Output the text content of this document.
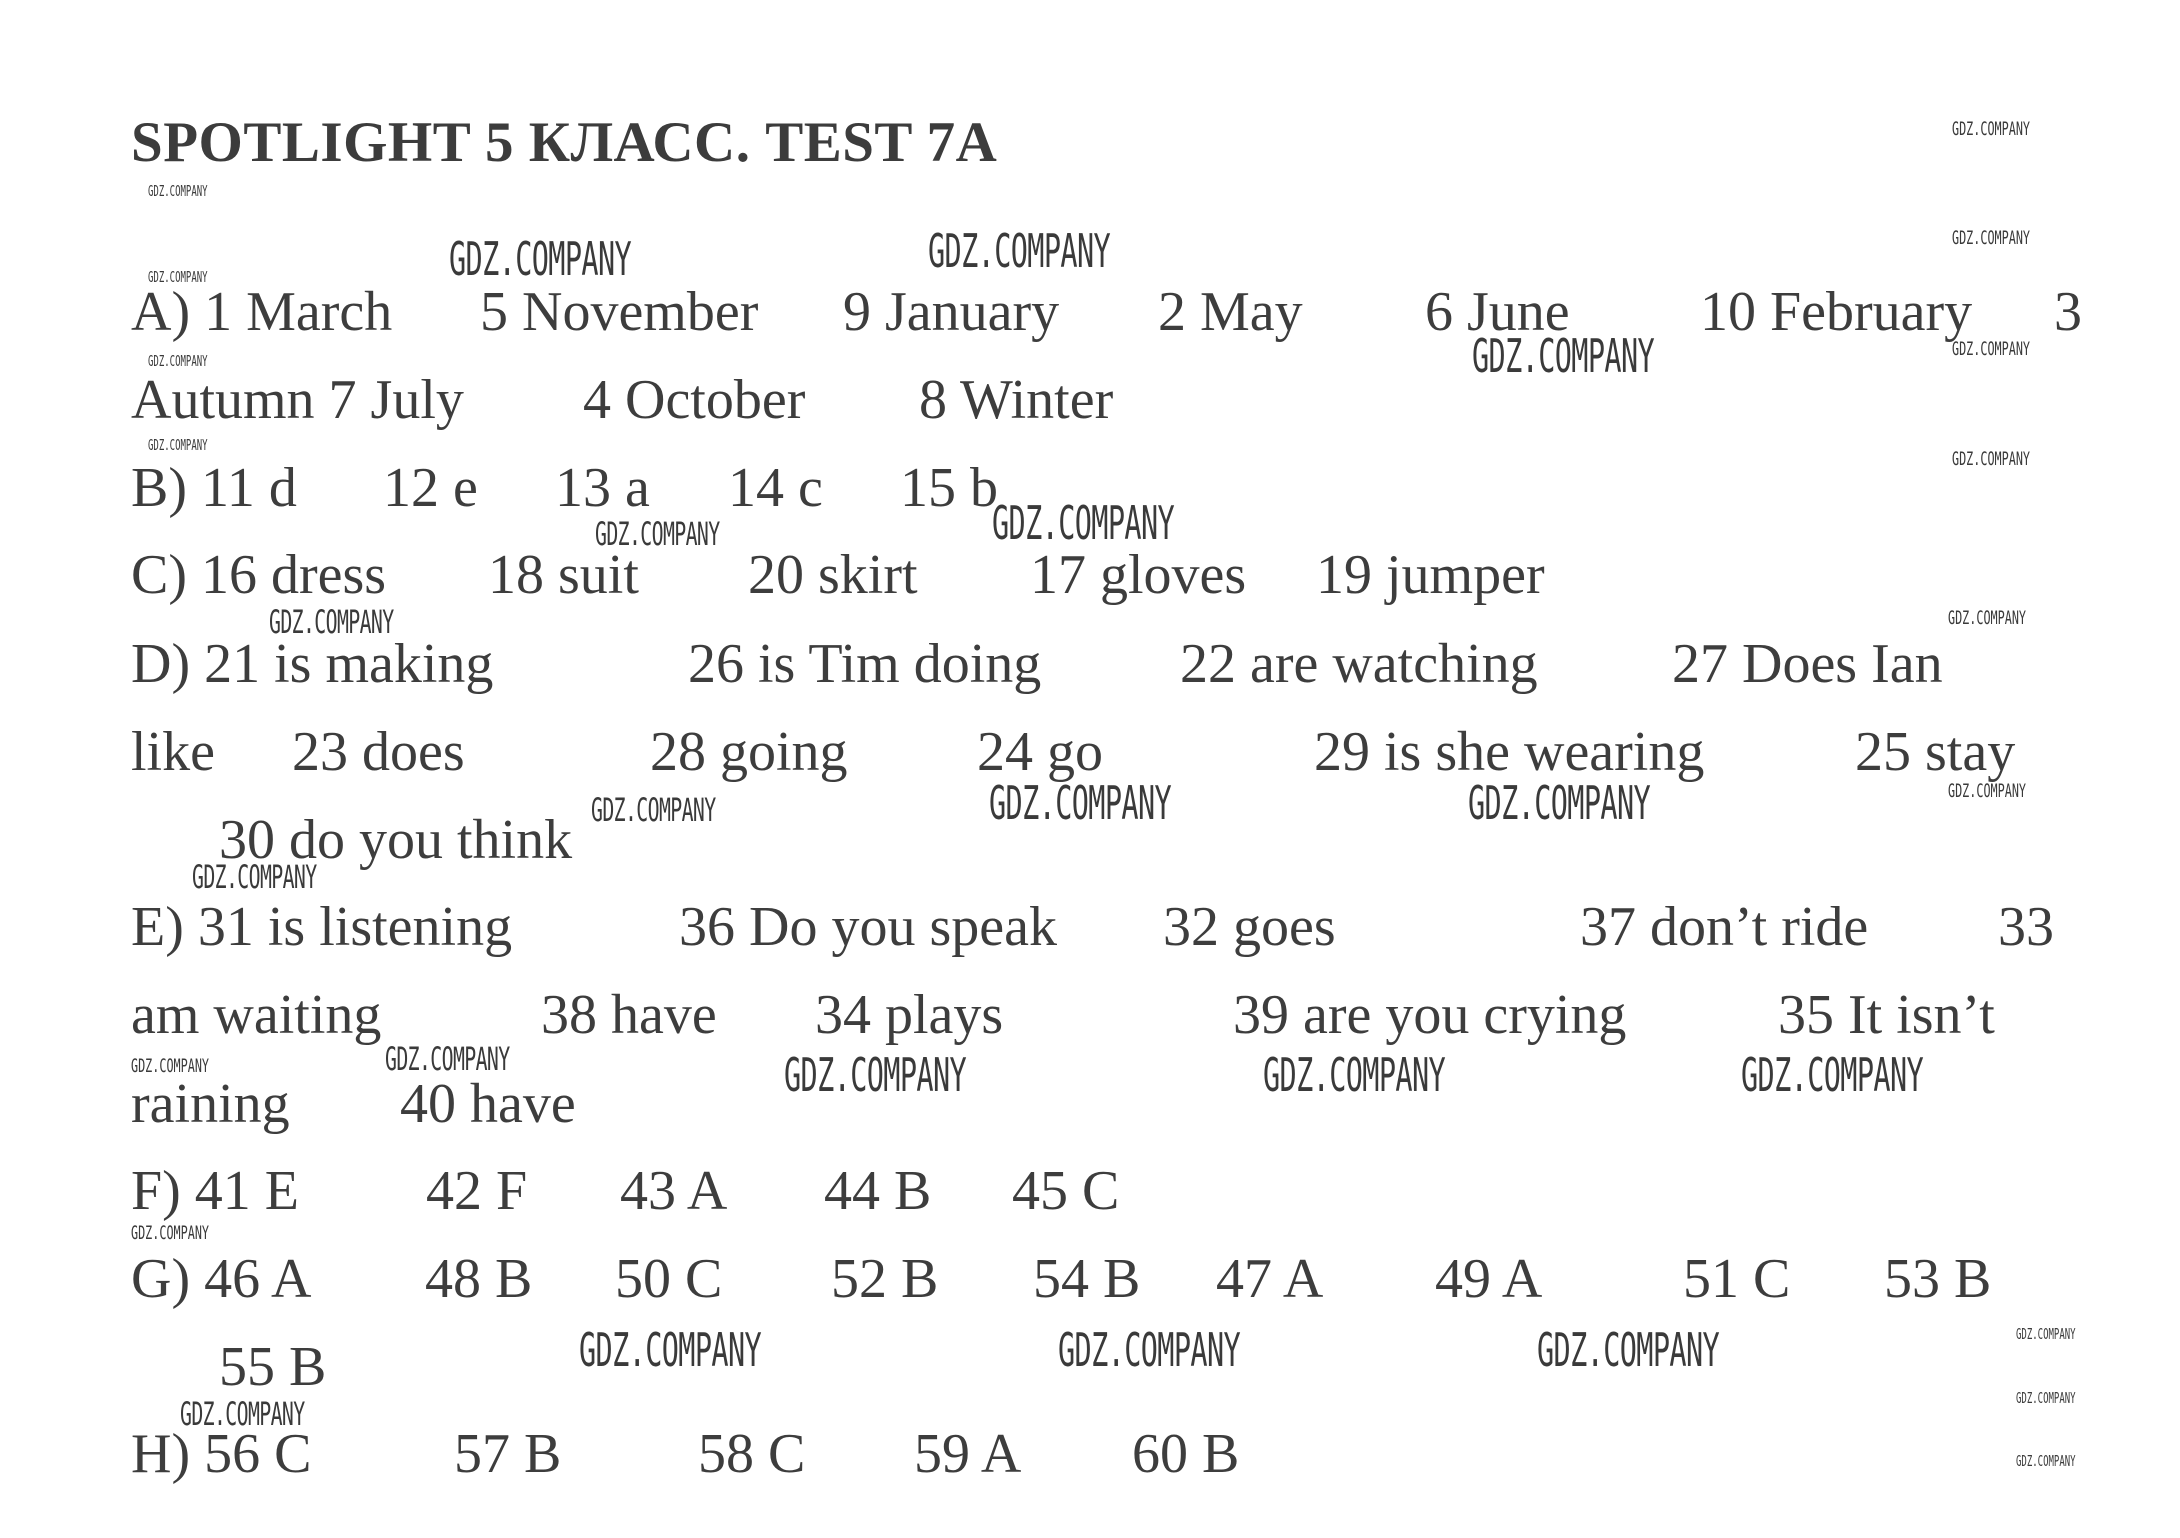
SPOTLIGHT 5 КЛАСС. TEST 7A
A) 1 March 5 November 9 January 2 May 6 June 10 February 3
Autumn 7 July 4 October 8 Winter
B) 11 d 12 e 13 a 14 c 15 b
C) 16 dress 18 suit 20 skirt 17 gloves 19 jumper
D) 21 is making	26 is Tim doing 22 are watching 27 Does Ian
like 23 does	28 going 24 go	29 is she wearing	25 stay
30 do you think
E) 31 is listening	36 Do you speak 32 goes	37 don’t ride 33
am waiting	38 have 34 plays	39 are you crying	35 It isn’t
raining 40 have
F) 41 E 42 F 43 A 44 B 45 C
G) 46 A 48 B 50 C 52 B 54 B 47 A 49 A	51 C 53 B
55 B
H) 56 C	57 B 58 C 59 A 60 B
GDZ.COMPANY	GDZ.COMPANY
GDZ.COMPANY
GDZ.COMPANY
GDZ.COMPANY	GDZ.COMPANY
GDZ.COMPANY	GDZ.COMPANY	GDZ.COMPANY
GDZ.COMPANY	GDZ.COMPANY	GDZ.COMPANY
GDZ.COMPANY
GDZ.COMPANY
GDZ.COMPANY
GDZ.COMPANY
GDZ.COMPANY
GDZ.COMPANY
GDZ.COMPANY
GDZ.COMPANY
GDZ.COMPANY
GDZ.COMPANY
GDZ.COMPANY
GDZ.COMPANY
GDZ.COMPANY
GDZ.COMPANY
GDZ.COMPANY
GDZ.COMPANY
GDZ.COMPANY
GDZ.COMPANY
GDZ.COMPANY
GDZ.COMPANY
GDZ.COMPANY
